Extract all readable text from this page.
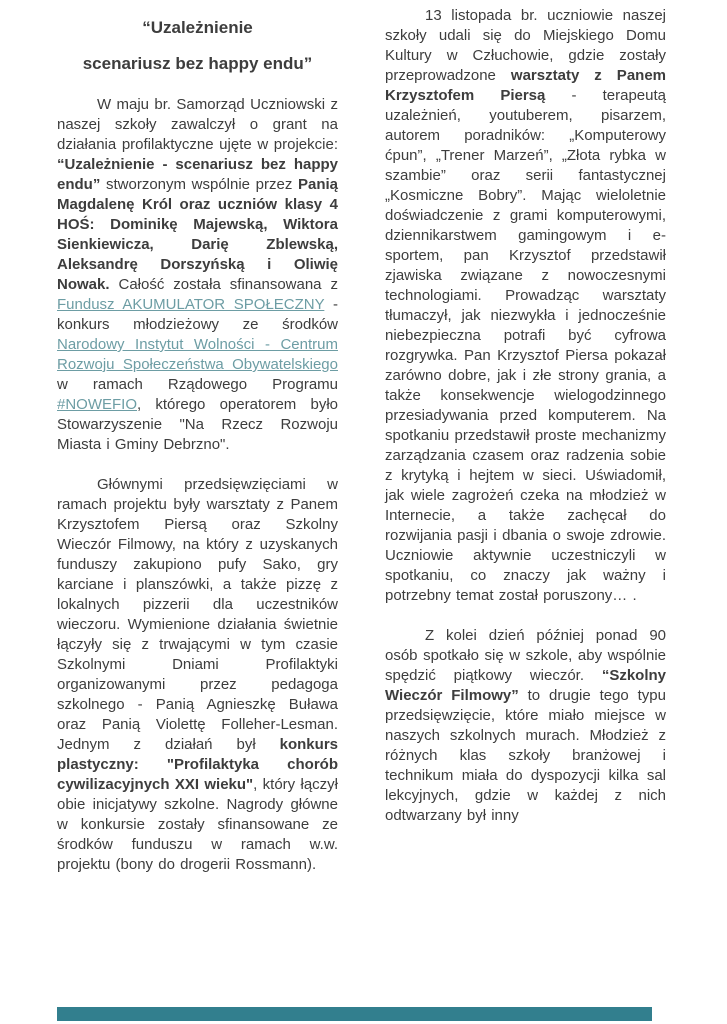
“Uzależnienie
scenariusz bez happy endu”

W maju br. Samorząd Uczniowski z naszej szkoły zawalczył o grant na działania profilaktyczne ujęte w projekcie: “Uzależnienie - scenariusz bez happy endu” stworzonym wspólnie przez Panią Magdalenę Król oraz uczniów klasy 4 HOŚ: Dominikę Majewską, Wiktora Sienkiewicza, Darię Zblewską, Aleksandrę Dorszyńską i Oliwię Nowak. Całość została sfinansowana z Fundusz AKUMULATOR SPOŁECZNY - konkurs młodzieżowy ze środków Narodowy Instytut Wolności - Centrum Rozwoju Społeczeństwa Obywatelskiego w ramach Rządowego Programu #NOWEFIO, którego operatorem było Stowarzyszenie "Na Rzecz Rozwoju Miasta i Gminy Debrzno".

Głównymi przedsięwzięciami w ramach projektu były warsztaty z Panem Krzysztofem Piersą oraz Szkolny Wieczór Filmowy, na który z uzyskanych funduszy zakupiono pufy Sako, gry karciane i planszówki, a także pizzę z lokalnych pizzerii dla uczestników wieczoru. Wymienione działania świetnie łączyły się z trwającymi w tym czasie Szkolnymi Dniami Profilaktyki organizowanymi przez pedagoga szkolnego - Panią Agnieszkę Buława oraz Panią Violettę Folleher-Lesman. Jednym z działań był konkurs plastyczny: "Profilaktyka chorób cywilizacyjnych XXI wieku", który łączył obie inicjatywy szkolne. Nagrody główne w konkursie zostały sfinansowane ze środków funduszu w ramach w.w. projektu (bony do drogerii Rossmann).

13 listopada br. uczniowie naszej szkoły udali się do Miejskiego Domu Kultury w Człuchowie, gdzie zostały przeprowadzone warsztaty z Panem Krzysztofem Piersą - terapeutą uzależnień, youtuberem, pisarzem, autorem poradników: „Komputerowy ćpun”, „Trener Marzeń”, „Złota rybka w szambie” oraz serii fantastycznej „Kosmiczne Bobry”. Mając wieloletnie doświadczenie z grami komputerowymi, dziennikarstwem gamingowym i e-sportem, pan Krzysztof przedstawił zjawiska związane z nowoczesnymi technologiami. Prowadząc warsztaty tłumaczył, jak niezwykła i jednocześnie niebezpieczna potrafi być cyfrowa rozgrywka. Pan Krzysztof Piersa pokazał zarówno dobre, jak i złe strony grania, a także konsekwencje wielogodzinnego przesiadywania przed komputerem. Na spotkaniu przedstawił proste mechanizmy zarządzania czasem oraz radzenia sobie z krytyką i hejtem w sieci. Uświadomił, jak wiele zagrożeń czeka na młodzież w Internecie, a także zachęcał do rozwijania pasji i dbania o swoje zdrowie. Uczniowie aktywnie uczestniczyli w spotkaniu, co znaczy jak ważny i potrzebny temat został poruszony… .

Z kolei dzień później ponad 90 osób spotkało się w szkole, aby wspólnie spędzić piątkowy wieczór. “Szkolny Wieczór Filmowy” to drugie tego typu przedsięwzięcie, które miało miejsce w naszych szkolnych murach. Młodzież z różnych klas szkoły branżowej i technikum miała do dyspozycji kilka sal lekcyjnych, gdzie w każdej z nich odtwarzany był inny
